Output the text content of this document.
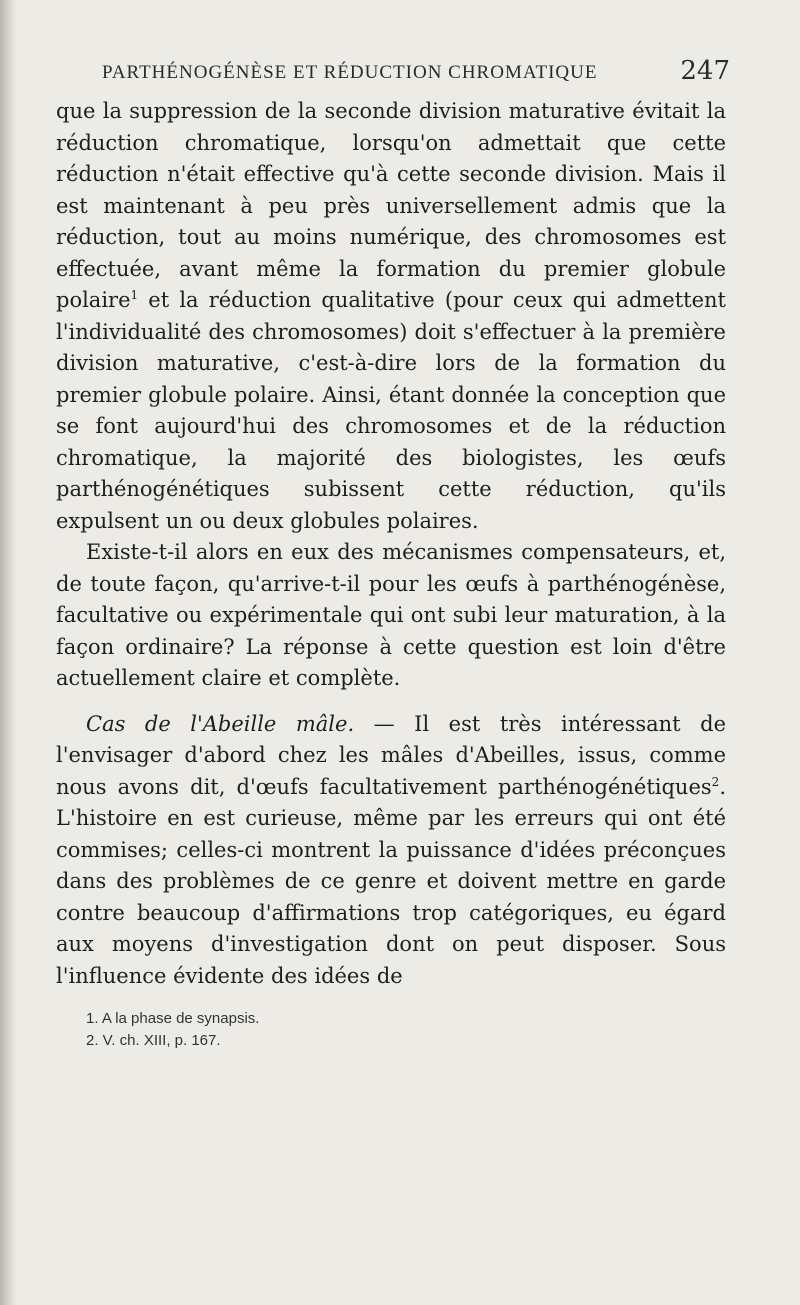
PARTHÉNOGÉNÈSE ET RÉDUCTION CHROMATIQUE	247

que la suppression de la seconde division maturative évitait la réduction chromatique, lorsqu'on admettait que cette réduction n'était effective qu'à cette seconde division. Mais il est maintenant à peu près universellement admis que la réduction, tout au moins numérique, des chromosomes est effectuée, avant même la formation du premier globule polaire$^1$ et la réduction qualitative (pour ceux qui admettent l'individualité des chromosomes) doit s'effectuer à la première division maturative, c'est-à-dire lors de la formation du premier globule polaire. Ainsi, étant donnée la conception que se font aujourd'hui des chromosomes et de la réduction chromatique, la majorité des biologistes, les œufs parthénogénétiques subissent cette réduction, qu'ils expulsent un ou deux globules polaires.

Existe-t-il alors en eux des mécanismes compensateurs, et, de toute façon, qu'arrive-t-il pour les œufs à parthénogénèse, facultative ou expérimentale qui ont subi leur maturation, à la façon ordinaire? La réponse à cette question est loin d'être actuellement claire et complète.

Cas de l'Abeille mâle. — Il est très intéressant de l'envisager d'abord chez les mâles d'Abeilles, issus, comme nous avons dit, d'œufs facultativement parthénogénétiques$^2$. L'histoire en est curieuse, même par les erreurs qui ont été commises; celles-ci montrent la puissance d'idées préconçues dans des problèmes de ce genre et doivent mettre en garde contre beaucoup d'affirmations trop catégoriques, eu égard aux moyens d'investigation dont on peut disposer. Sous l'influence évidente des idées de

1. A la phase de synapsis.
2. V. ch. XIII, p. 167.
